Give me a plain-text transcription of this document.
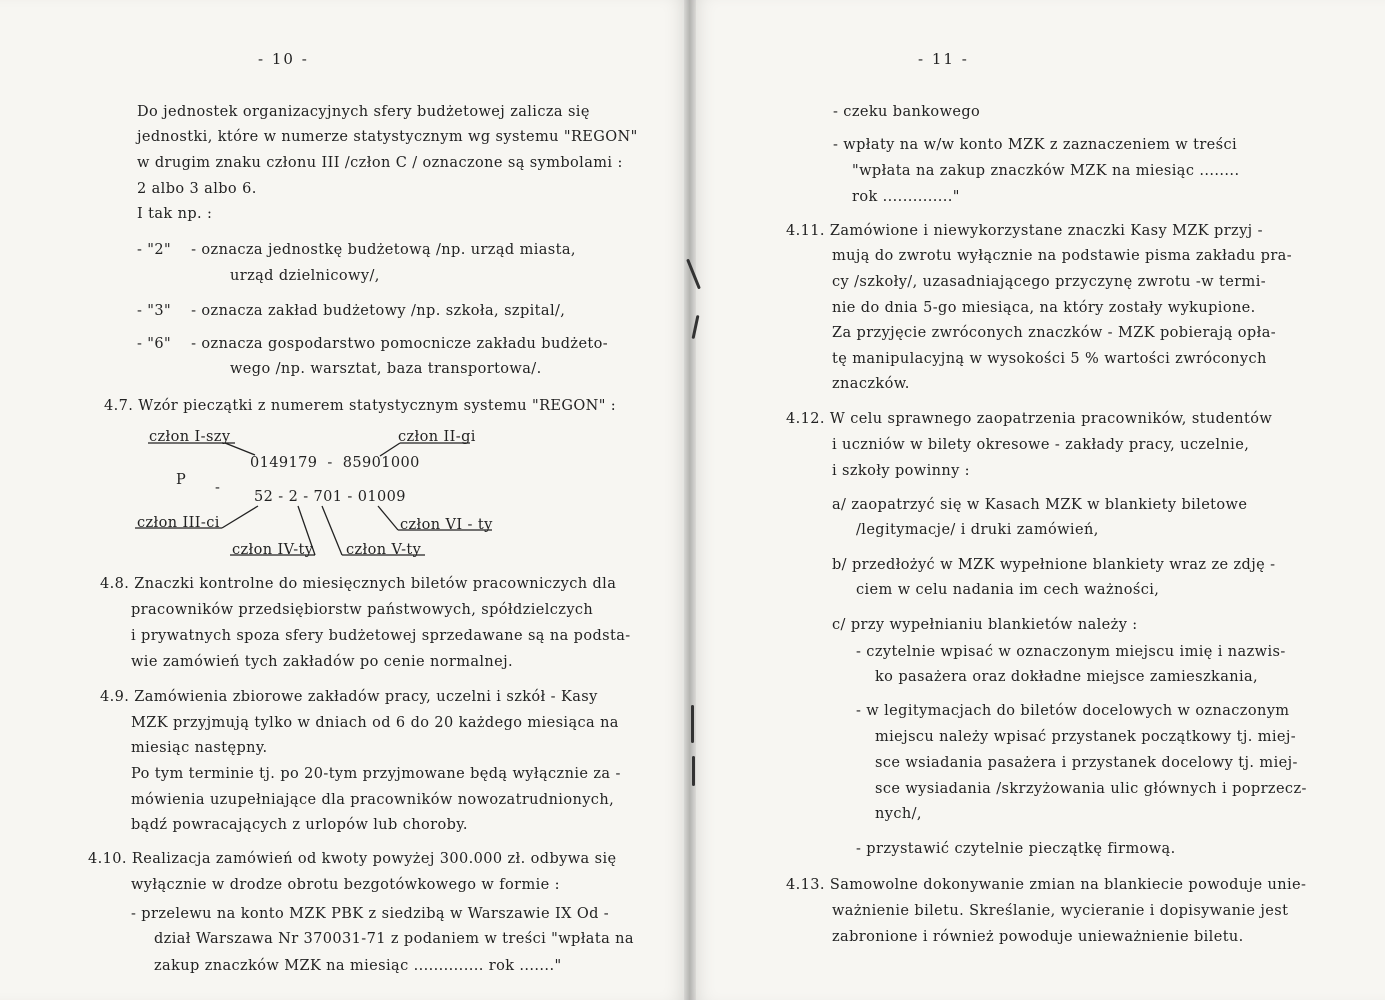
- 10 -
Do jednostek organizacyjnych sfery budżetowej zalicza się
jednostki, które w numerze statystycznym wg systemu "REGON"
w drugim znaku członu III /człon C / oznaczone są symbolami :
2 albo 3 albo 6.
I tak np. :
- "2"    - oznacza jednostkę budżetową /np. urząd miasta,
urząd dzielnicowy/,
- "3"    - oznacza zakład budżetowy /np. szkoła, szpital/,
- "6"    - oznacza gospodarstwo pomocnicze zakładu budżeto-
wego /np. warsztat, baza transportowa/.
4.7. Wzór pieczątki z numerem statystycznym systemu "REGON" :
człon I-szy	człon II-gi
0149179  -  85901000
P -
52 - 2 - 701 - 01009
człon III-ci	człon VI - ty
człon IV-ty człon V-ty
4.8. Znaczki kontrolne do miesięcznych biletów pracowniczych dla
pracowników przedsiębiorstw państwowych, spółdzielczych
i prywatnych spoza sfery budżetowej sprzedawane są na podsta-
wie zamówień tych zakładów po cenie normalnej.
4.9. Zamówienia zbiorowe zakładów pracy, uczelni i szkół - Kasy
MZK przyjmują tylko w dniach od 6 do 20 każdego miesiąca na
miesiąc następny.
Po tym terminie tj. po 20-tym przyjmowane będą wyłącznie za -
mówienia uzupełniające dla pracowników nowozatrudnionych,
bądź powracających z urlopów lub choroby.
4.10. Realizacja zamówień od kwoty powyżej 300.000 zł. odbywa się
wyłącznie w drodze obrotu bezgotówkowego w formie :
- przelewu na konto MZK PBK z siedzibą w Warszawie IX Od -
dział Warszawa Nr 370031-71 z podaniem w treści "wpłata na
zakup znaczków MZK na miesiąc .............. rok ......."
- 11 -
- czeku bankowego
- wpłaty na w/w konto MZK z zaznaczeniem w treści
"wpłata na zakup znaczków MZK na miesiąc ........
rok .............."
4.11. Zamówione i niewykorzystane znaczki Kasy MZK przyj -
mują do zwrotu wyłącznie na podstawie pisma zakładu pra-
cy /szkoły/, uzasadniającego przyczynę zwrotu -w termi-
nie do dnia 5-go miesiąca, na który zostały wykupione.
Za przyjęcie zwróconych znaczków - MZK pobierają opła-
tę manipulacyjną w wysokości 5 % wartości zwróconych
znaczków.
4.12. W celu sprawnego zaopatrzenia pracowników, studentów
i uczniów w bilety okresowe - zakłady pracy, uczelnie,
i szkoły powinny :
a/ zaopatrzyć się w Kasach MZK w blankiety biletowe
/legitymacje/ i druki zamówień,
b/ przedłożyć w MZK wypełnione blankiety wraz ze zdję -
ciem w celu nadania im cech ważności,
c/ przy wypełnianiu blankietów należy :
- czytelnie wpisać w oznaczonym miejscu imię i nazwis-
ko pasażera oraz dokładne miejsce zamieszkania,
- w legitymacjach do biletów docelowych w oznaczonym
miejscu należy wpisać przystanek początkowy tj. miej-
sce wsiadania pasażera i przystanek docelowy tj. miej-
sce wysiadania /skrzyżowania ulic głównych i poprzecz-
nych/,
- przystawić czytelnie pieczątkę firmową.
4.13. Samowolne dokonywanie zmian na blankiecie powoduje unie-
ważnienie biletu. Skreślanie, wycieranie i dopisywanie jest
zabronione i również powoduje unieważnienie biletu.
